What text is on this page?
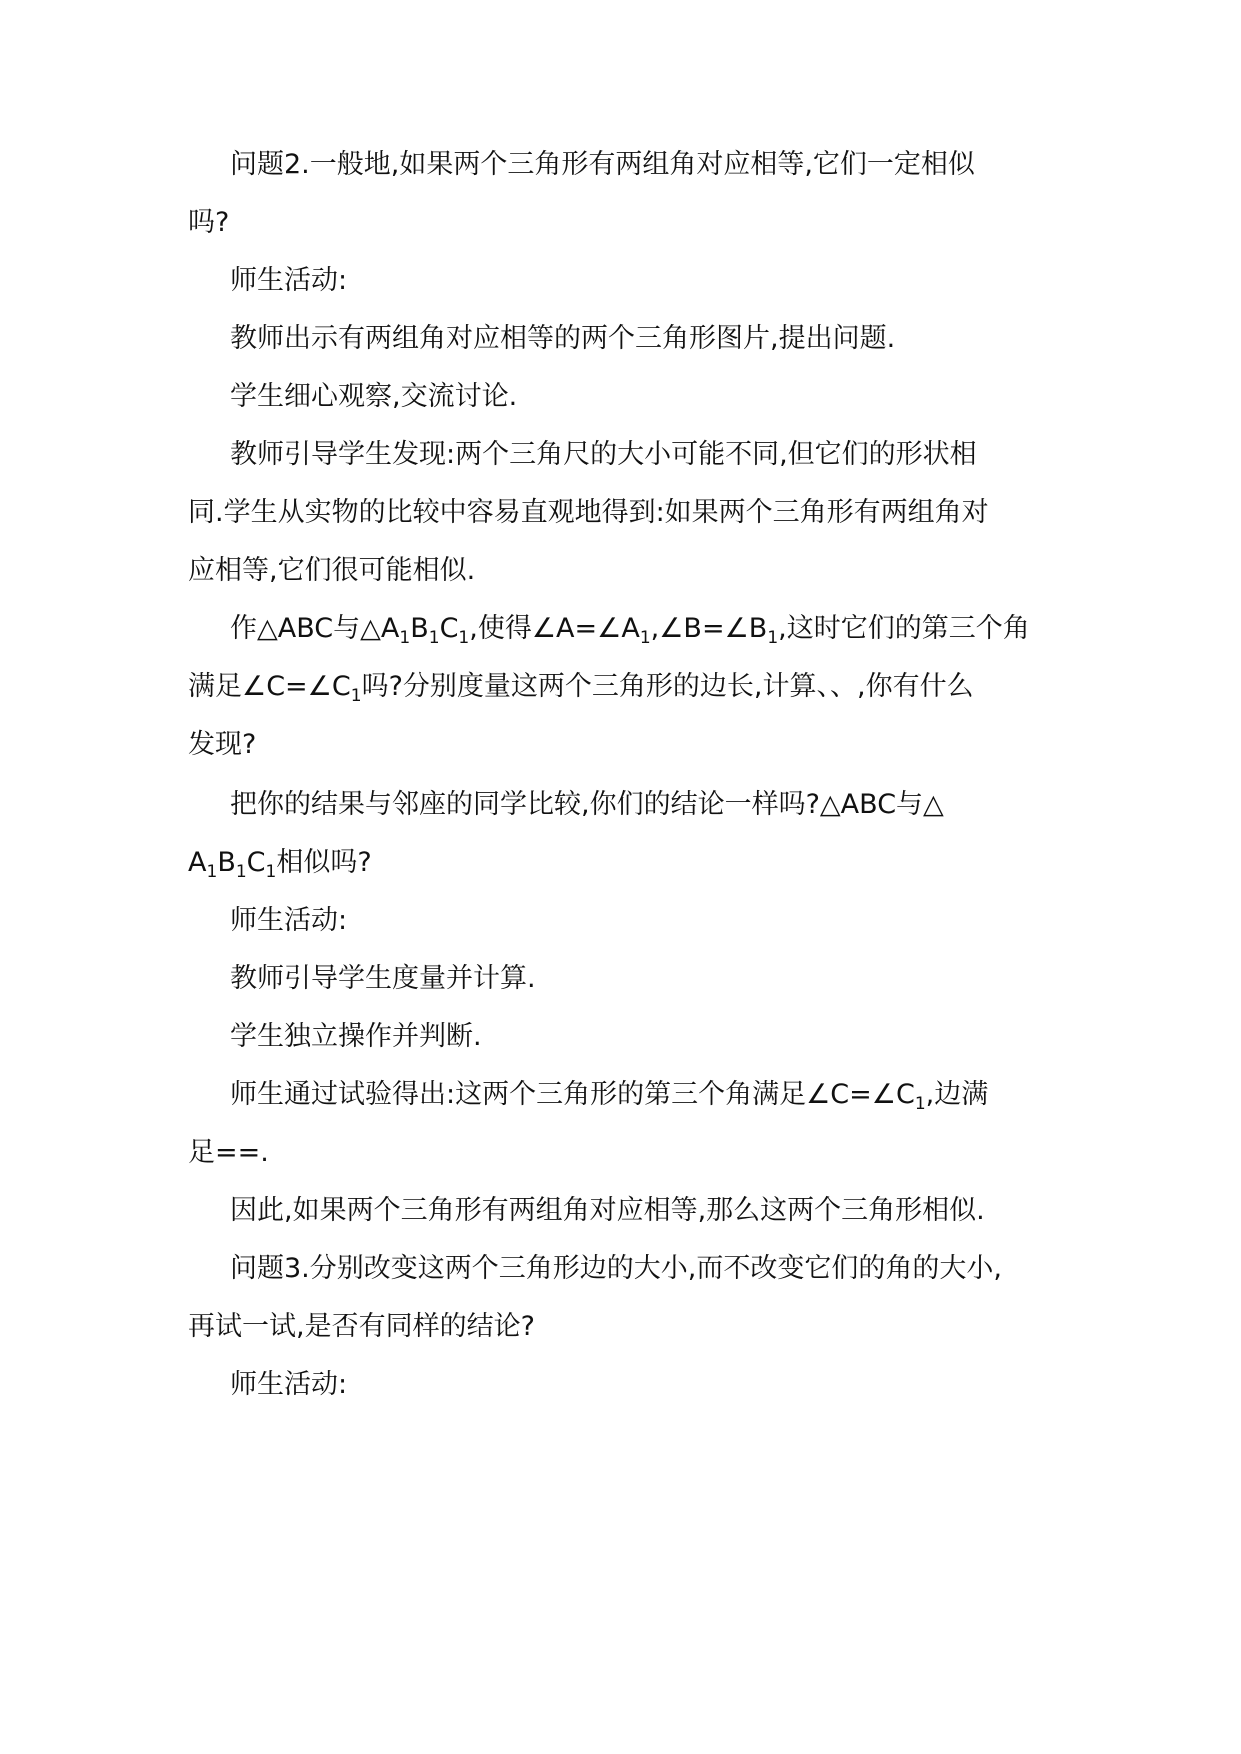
问题2.一般地,如果两个三角形有两组角对应相等,它们一定相似
吗?
师生活动:
教师出示有两组角对应相等的两个三角形图片,提出问题.
学生细心观察,交流讨论.
教师引导学生发现:两个三角尺的大小可能不同,但它们的形状相
同.学生从实物的比较中容易直观地得到:如果两个三角形有两组角对
应相等,它们很可能相似.
作△ABC与$\triangle A_1B_1C_1$,使得$\angle A=\angle A_1,\angle B=\angle B_1$,这时它们的第三个角
满足$\angle C=\angle C_1$吗?分别度量这两个三角形的边长,计算、、,你有什么
发现?
把你的结果与邻座的同学比较,你们的结论一样吗?△ABC与△
$A_1B_1C_1$相似吗?
师生活动:
教师引导学生度量并计算.
学生独立操作并判断.
师生通过试验得出:这两个三角形的第三个角满足$\angle C=\angle C_1$,边满
足==.
因此,如果两个三角形有两组角对应相等,那么这两个三角形相似.
问题3.分别改变这两个三角形边的大小,而不改变它们的角的大小,
再试一试,是否有同样的结论?
师生活动:
